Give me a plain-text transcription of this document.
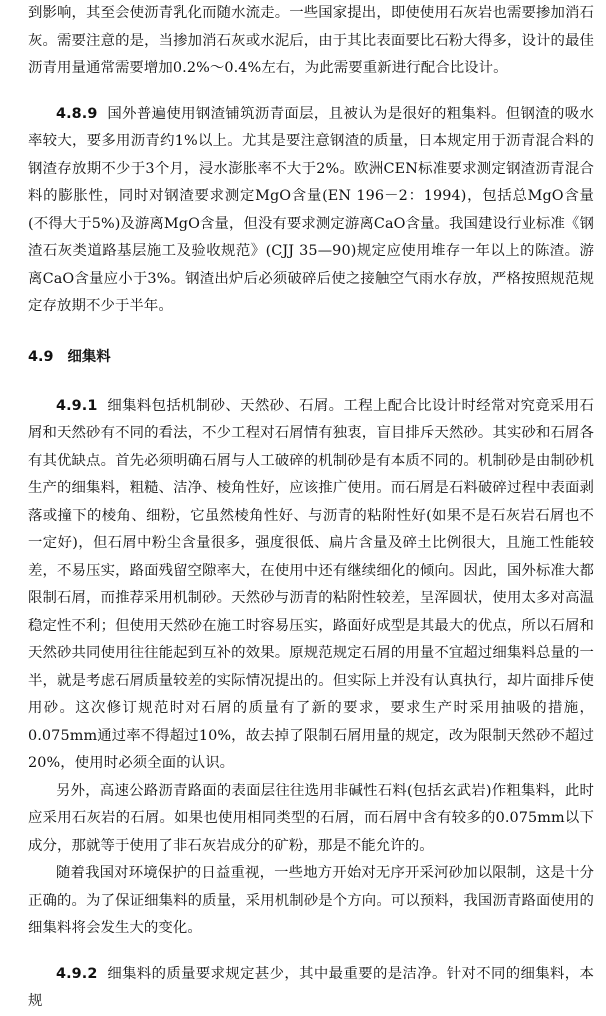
到影响，其至会使沥青乳化而随水流走。一些国家提出，即使使用石灰岩也需要掺加消石灰。需要注意的是，当掺加消石灰或水泥后，由于其比表面要比石粉大得多，设计的最佳沥青用量通常需要增加0.2%～0.4%左右，为此需要重新进行配合比设计。

4.8.9 国外普遍使用钢渣铺筑沥青面层，且被认为是很好的粗集料。但钢渣的吸水率较大，要多用沥青约1%以上。尤其是要注意钢渣的质量，日本规定用于沥青混合料的钢渣存放期不少于3个月，浸水澎胀率不大于2%。欧洲CEN标准要求测定钢渣沥青混合料的膨胀性，同时对钢渣要求测定MgO含量(EN 196－2：1994)，包括总MgO含量(不得大于5%)及游离MgO含量，但没有要求测定游离CaO含量。我国建设行业标准《钢渣石灰类道路基层施工及验收规范》(CJJ 35—90)规定应使用堆存一年以上的陈渣。游离CaO含量应小于3%。钢渣出炉后必须破碎后使之接触空气雨水存放，严格按照规范规定存放期不少于半年。

4.9 细集料

4.9.1 细集料包括机制砂、天然砂、石屑。工程上配合比设计时经常对究竟采用石屑和天然砂有不同的看法，不少工程对石屑情有独衷，盲目排斥天然砂。其实砂和石屑各有其优缺点。首先必须明确石屑与人工破碎的机制砂是有本质不同的。机制砂是由制砂机生产的细集料，粗糙、洁净、棱角性好，应该推广使用。而石屑是石料破碎过程中表面剥落或撞下的棱角、细粉，它虽然棱角性好、与沥青的粘附性好(如果不是石灰岩石屑也不一定好)，但石屑中粉尘含量很多，强度很低、扁片含量及碎土比例很大，且施工性能较差，不易压实，路面残留空隙率大，在使用中还有继续细化的倾向。因此，国外标准大都限制石屑，而推荐采用机制砂。天然砂与沥青的粘附性较差，呈浑圆状，使用太多对高温稳定性不利；但使用天然砂在施工时容易压实，路面好成型是其最大的优点，所以石屑和天然砂共同使用往往能起到互补的效果。原规范规定石屑的用量不宜超过细集料总量的一半，就是考虑石屑质量较差的实际情况提出的。但实际上并没有认真执行，却片面排斥使用砂。这次修订规范时对石屑的质量有了新的要求，要求生产时采用抽吸的措施，0.075mm通过率不得超过10%，故去掉了限制石屑用量的规定，改为限制天然砂不超过20%，使用时必须全面的认识。

另外，高速公路沥青路面的表面层往往选用非碱性石料(包括玄武岩)作粗集料，此时应采用石灰岩的石屑。如果也使用相同类型的石屑，而石屑中含有较多的0.075mm以下成分，那就等于使用了非石灰岩成分的矿粉，那是不能允许的。

随着我国对环境保护的日益重视，一些地方开始对无序开采河砂加以限制，这是十分正确的。为了保证细集料的质量，采用机制砂是个方向。可以预料，我国沥青路面使用的细集料将会发生大的变化。

4.9.2 细集料的质量要求规定甚少，其中最重要的是洁净。针对不同的细集料，本规
